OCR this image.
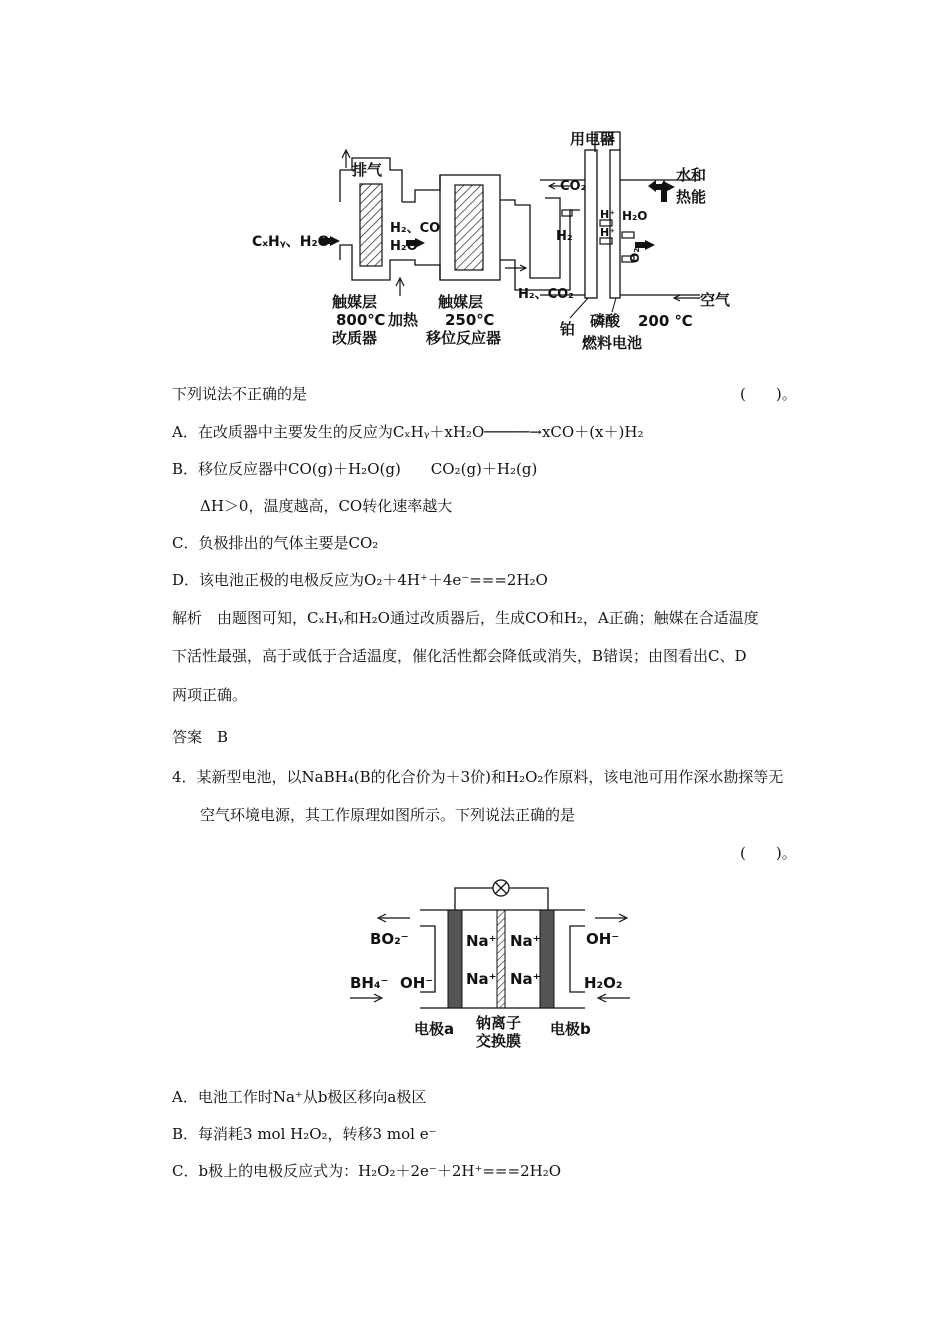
用电器
排气	水和
热能
CₓHᵧ、H₂O
H₂、CO
H₂O
CO₂
H₂
H⁺
H⁺
H₂O
O₂
H₂、CO₂	空气
触媒层
800℃ 加热
改质器
触媒层
250℃
移位反应器	铂 磷酸 200 ℃
燃料电池
下列说法不正确的是	(　　)。
A．在改质器中主要发生的反应为CₓHᵧ＋xH₂O─────→xCO＋(x＋)H₂
B．移位反应器中CO(g)＋H₂O(g)　　CO₂(g)＋H₂(g)
ΔH＞0，温度越高，CO转化速率越大
C．负极排出的气体主要是CO₂
D．该电池正极的电极反应为O₂＋4H⁺＋4e⁻===2H₂O
解析　由题图可知，CₓHᵧ和H₂O通过改质器后，生成CO和H₂，A正确；触媒在合适温度
下活性最强，高于或低于合适温度，催化活性都会降低或消失，B错误；由图看出C、D
两项正确。
答案　B
4．某新型电池，以NaBH₄(B的化合价为＋3价)和H₂O₂作原料，该电池可用作深水勘探等无
空气环境电源，其工作原理如图所示。下列说法正确的是
(　　)。
BO₂⁻
BH₄⁻ OH⁻
Na⁺ Na⁺
Na⁺ Na⁺
OH⁻
H₂O₂
电极a 钠离子
交换膜
电极b
A．电池工作时Na⁺从b极区移向a极区
B．每消耗3 mol H₂O₂，转移3 mol e⁻
C．b极上的电极反应式为：H₂O₂＋2e⁻＋2H⁺===2H₂O
